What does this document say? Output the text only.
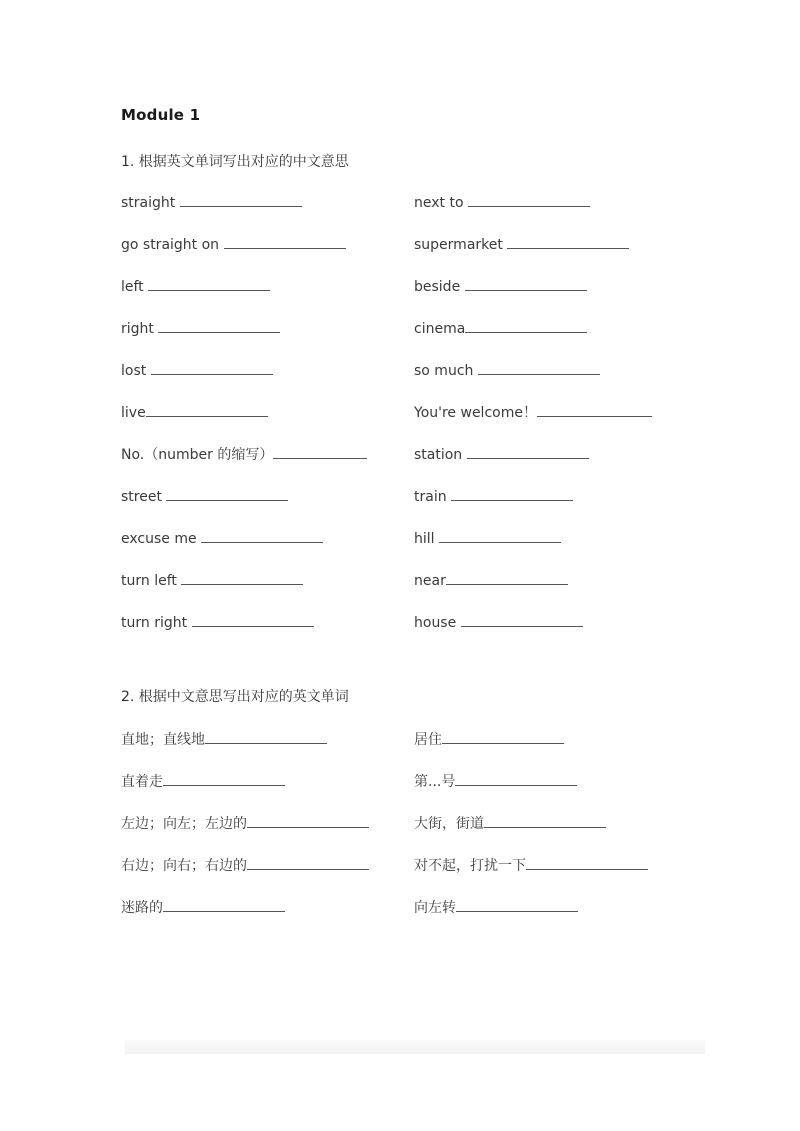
Module 1
1. 根据英文单词写出对应的中文意思
straight	next to
go straight on	supermarket
left	beside
right	cinema
lost	so much
live	You're welcome！
No.（number 的缩写）	station
street	train
excuse me	hill
turn left	near
turn right	house
2. 根据中文意思写出对应的英文单词
直地；直线地	居住
直着走	第...号
左边；向左；左边的	大街，街道
右边；向右；右边的	对不起，打扰一下
迷路的	向左转
